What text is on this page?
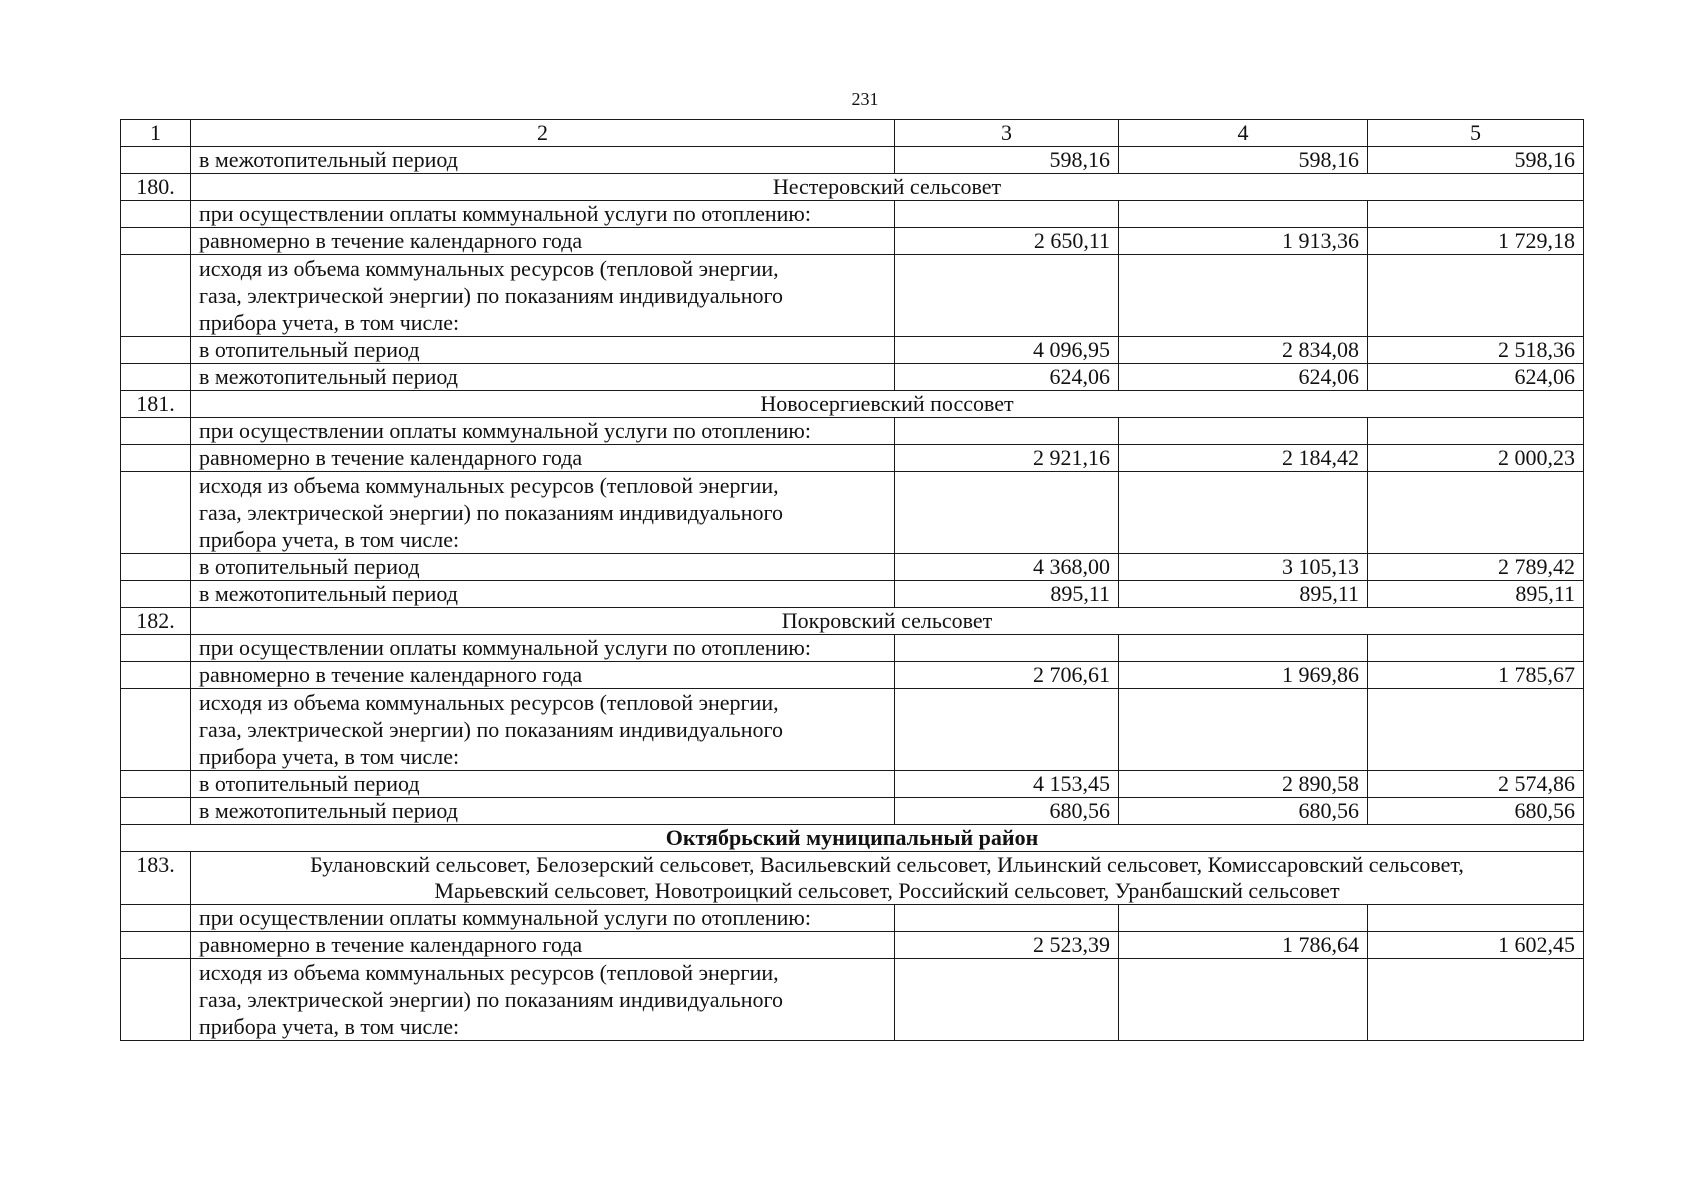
231
1	2	3	4	5
	в межотопительный период	598,16	598,16	598,16
180.	Нестеровский сельсовет			
	при осуществлении оплаты коммунальной услуги по отоплению:			
	равномерно в течение календарного года	2 650,11	1 913,36	1 729,18

	исходя из объема коммунальных ресурсов (тепловой энергии,
газа, электрической энергии) по показаниям индивидуального
прибора учета, в том числе:			

	в отопительный период	4 096,95	2 834,08	2 518,36
	в межотопительный период	624,06	624,06	624,06
181.	Новосергиевский поссовет			
	при осуществлении оплаты коммунальной услуги по отоплению:			
	равномерно в течение календарного года	2 921,16	2 184,42	2 000,23

	исходя из объема коммунальных ресурсов (тепловой энергии,
газа, электрической энергии) по показаниям индивидуального
прибора учета, в том числе:			

	в отопительный период	4 368,00	3 105,13	2 789,42
	в межотопительный период	895,11	895,11	895,11
182.	Покровский сельсовет			
	при осуществлении оплаты коммунальной услуги по отоплению:			
	равномерно в течение календарного года	2 706,61	1 969,86	1 785,67

	исходя из объема коммунальных ресурсов (тепловой энергии,
газа, электрической энергии) по показаниям индивидуального
прибора учета, в том числе:			

	в отопительный период	4 153,45	2 890,58	2 574,86
	в межотопительный период	680,56	680,56	680,56
Октябрьский муниципальный район				
183.	Булановский сельсовет, Белозерский сельсовет, Васильевский сельсовет, Ильинский сельсовет, Комиссаровский сельсовет,
Марьевский сельсовет, Новотроицкий сельсовет, Российский сельсовет, Уранбашский сельсовет			

	при осуществлении оплаты коммунальной услуги по отоплению:			
	равномерно в течение календарного года	2 523,39	1 786,64	1 602,45

	исходя из объема коммунальных ресурсов (тепловой энергии,
газа, электрической энергии) по показаниям индивидуального
прибора учета, в том числе:			
